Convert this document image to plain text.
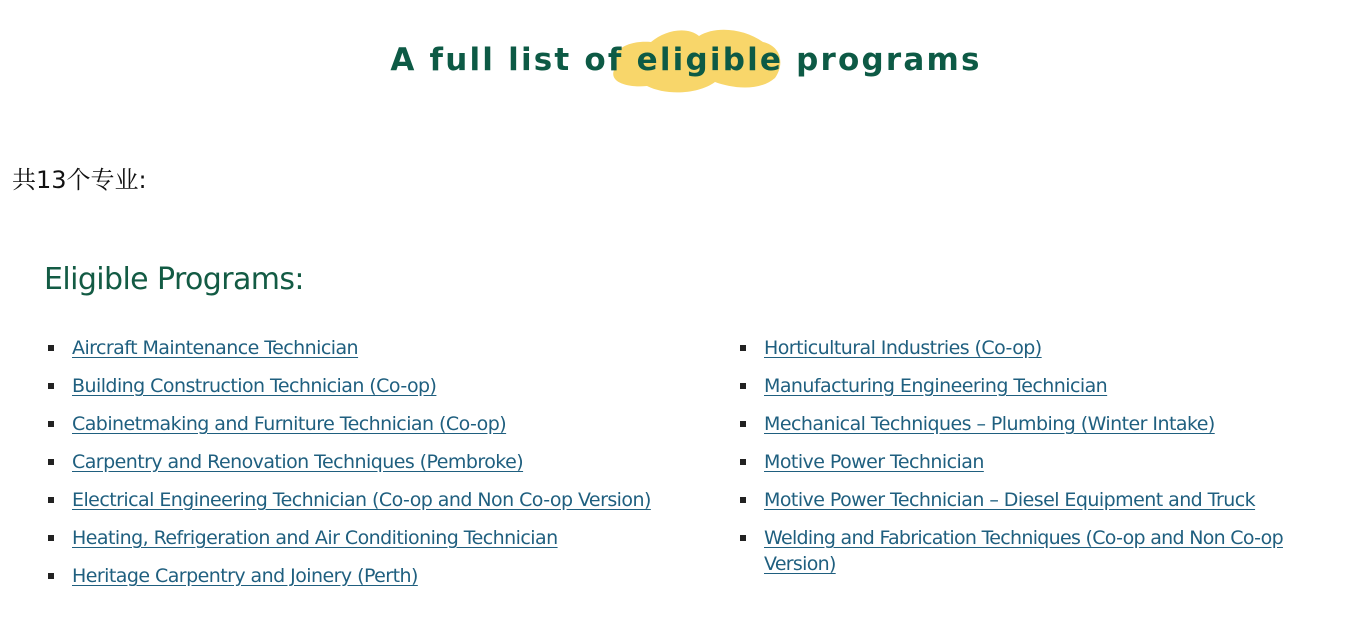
A full list of eligible programs

共13个专业:

Eligible Programs:
Aircraft Maintenance Technician
Building Construction Technician (Co-op)
Cabinetmaking and Furniture Technician (Co-op)
Carpentry and Renovation Techniques (Pembroke)
Electrical Engineering Technician (Co-op and Non Co-op Version)
Heating, Refrigeration and Air Conditioning Technician
Heritage Carpentry and Joinery (Perth)
Horticultural Industries (Co-op)
Manufacturing Engineering Technician
Mechanical Techniques – Plumbing (Winter Intake)
Motive Power Technician
Motive Power Technician – Diesel Equipment and Truck
Welding and Fabrication Techniques (Co-op and Non Co-op Version)
